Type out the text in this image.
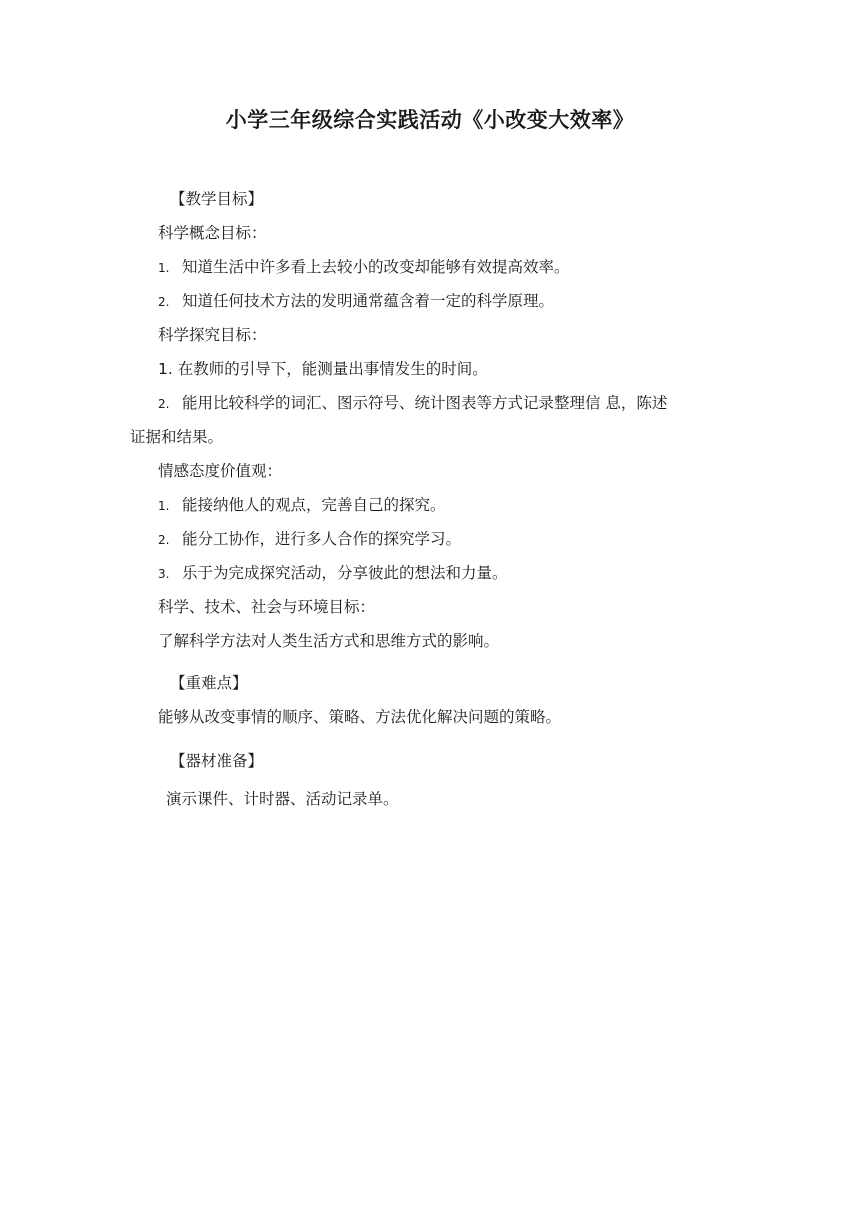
小学三年级综合实践活动《小改变大效率》
【教学目标】
科学概念目标：
1. 知道生活中许多看上去较小的改变却能够有效提高效率。
2. 知道任何技术方法的发明通常蕴含着一定的科学原理。
科学探究目标：
1. 在教师的引导下，能测量出事情发生的时间。
2. 能用比较科学的词汇、图示符号、统计图表等方式记录整理信 息，陈述
证据和结果。
情感态度价值观：
1. 能接纳他人的观点，完善自己的探究。
2. 能分工协作，进行多人合作的探究学习。
3. 乐于为完成探究活动，分享彼此的想法和力量。
科学、技术、社会与环境目标：
了解科学方法对人类生活方式和思维方式的影响。
【重难点】
能够从改变事情的顺序、策略、方法优化解决问题的策略。
【器材准备】
演示课件、计时器、活动记录单。
